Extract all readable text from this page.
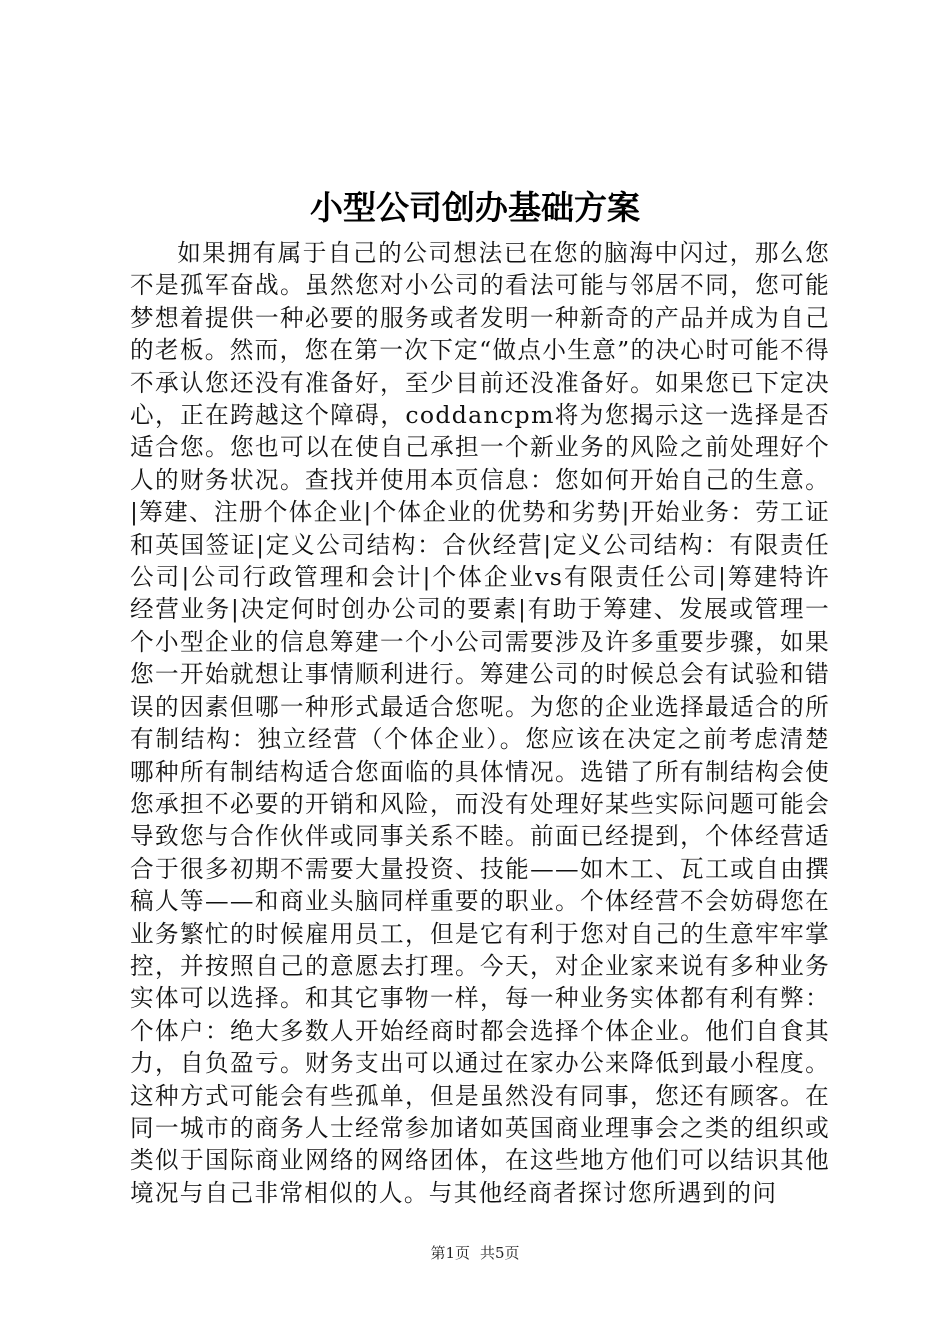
小型公司创办基础方案

如果拥有属于自己的公司想法已在您的脑海中闪过，那么您不是孤军奋战。虽然您对小公司的看法可能与邻居不同，您可能梦想着提供一种必要的服务或者发明一种新奇的产品并成为自己的老板。然而，您在第一次下定“做点小生意”的决心时可能不得不承认您还没有准备好，至少目前还没准备好。如果您已下定决心，正在跨越这个障碍，coddancpm将为您揭示这一选择是否适合您。您也可以在使自己承担一个新业务的风险之前处理好个人的财务状况。查找并使用本页信息：您如何开始自己的生意。|筹建、注册个体企业|个体企业的优势和劣势|开始业务：劳工证和英国签证|定义公司结构：合伙经营|定义公司结构：有限责任公司|公司行政管理和会计|个体企业vs有限责任公司|筹建特许经营业务|决定何时创办公司的要素|有助于筹建、发展或管理一个小型企业的信息筹建一个小公司需要涉及许多重要步骤，如果您一开始就想让事情顺利进行。筹建公司的时候总会有试验和错误的因素但哪一种形式最适合您呢。为您的企业选择最适合的所有制结构：独立经营（个体企业）。您应该在决定之前考虑清楚哪种所有制结构适合您面临的具体情况。选错了所有制结构会使您承担不必要的开销和风险，而没有处理好某些实际问题可能会导致您与合作伙伴或同事关系不睦。前面已经提到，个体经营适合于很多初期不需要大量投资、技能——如木工、瓦工或自由撰稿人等——和商业头脑同样重要的职业。个体经营不会妨碍您在业务繁忙的时候雇用员工，但是它有利于您对自己的生意牢牢掌控，并按照自己的意愿去打理。今天，对企业家来说有多种业务实体可以选择。和其它事物一样，每一种业务实体都有利有弊：个体户：绝大多数人开始经商时都会选择个体企业。他们自食其力，自负盈亏。财务支出可以通过在家办公来降低到最小程度。这种方式可能会有些孤单，但是虽然没有同事，您还有顾客。在同一城市的商务人士经常参加诸如英国商业理事会之类的组织或类似于国际商业网络的网络团体，在这些地方他们可以结识其他境况与自己非常相似的人。与其他经商者探讨您所遇到的问

第1页 共5页
